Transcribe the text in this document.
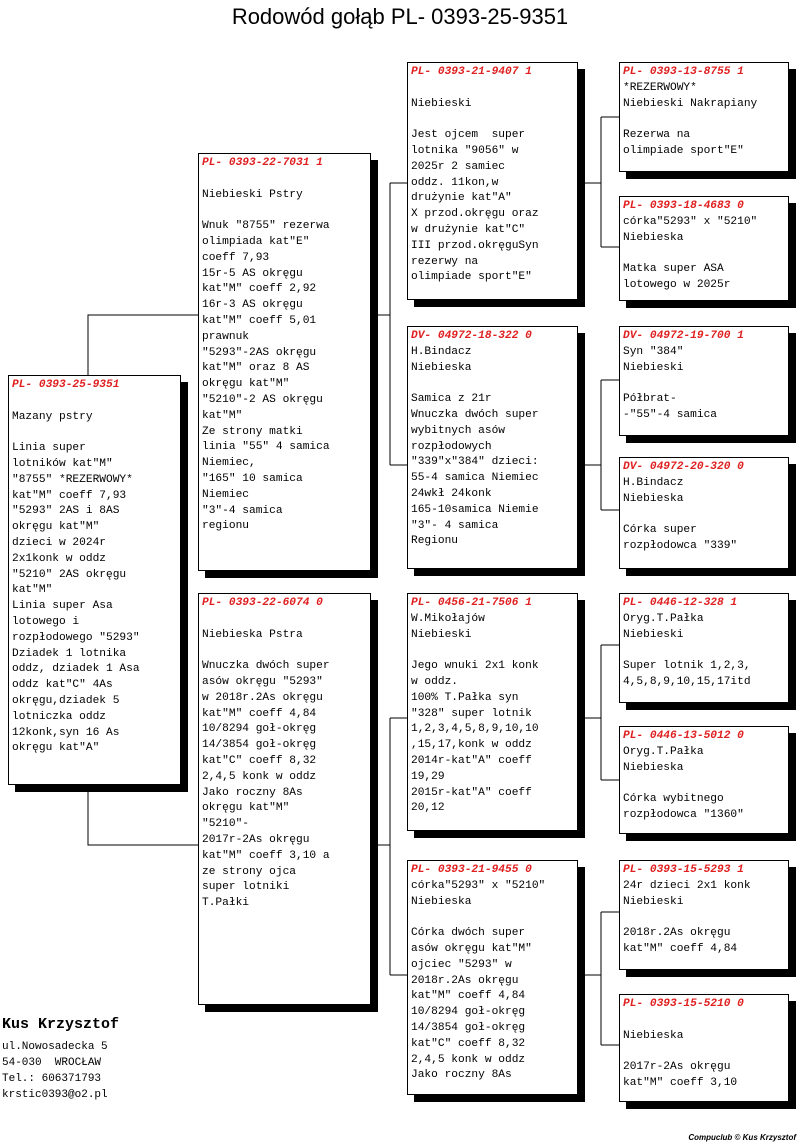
Rodowód gołąb PL- 0393-25-9351
PL- 0393-25-9351

Mazany pstry

Linia super
lotników kat"M"
"8755" *REZERWOWY*
kat"M" coeff 7,93
"5293" 2AS i 8AS
okręgu kat"M"
dzieci w 2024r
2x1konk w oddz
"5210" 2AS okręgu
kat"M"
Linia super Asa
lotowego i
rozpłodowego "5293"
Dziadek 1 lotnika
oddz, dziadek 1 Asa
oddz kat"C" 4As
okręgu,dziadek 5
lotniczka oddz
12konk,syn 16 As
okręgu kat"A"
PL- 0393-22-7031 1

Niebieski Pstry

Wnuk "8755" rezerwa
olimpiada kat"E"
coeff 7,93
15r-5 AS okręgu
kat"M" coeff 2,92
16r-3 AS okręgu
kat"M" coeff 5,01
prawnuk
"5293"-2AS okręgu
kat"M" oraz 8 AS
okręgu kat"M"
"5210"-2 AS okręgu
kat"M"
Ze strony matki
linia "55" 4 samica
Niemiec,
"165" 10 samica
Niemiec
"3"-4 samica
regionu
PL- 0393-22-6074 0

Niebieska Pstra

Wnuczka dwóch super
asów okręgu "5293"
w 2018r.2As okręgu
kat"M" coeff 4,84
10/8294 goł-okręg
14/3854 goł-okręg
kat"C" coeff 8,32
2,4,5 konk w oddz
Jako roczny 8As
okręgu kat"M"
"5210"-
2017r-2As okręgu
kat"M" coeff 3,10 a
ze strony ojca
super lotniki
T.Pałki
PL- 0393-21-9407 1

Niebieski

Jest ojcem  super
lotnika "9056" w
2025r 2 samiec
oddz. 11kon,w
drużynie kat"A"
X przod.okręgu oraz
w drużynie kat"C"
III przod.okręguSyn
rezerwy na
olimpiade sport"E"
DV- 04972-18-322 0
H.Bindacz
Niebieska

Samica z 21r
Wnuczka dwóch super
wybitnych asów
rozpłodowych
"339"x"384" dzieci:
55-4 samica Niemiec
24wkł 24konk
165-10samica Niemie
"3"- 4 samica
Regionu
PL- 0456-21-7506 1
W.Mikołajów
Niebieski

Jego wnuki 2x1 konk
w oddz.
100% T.Pałka syn
"328" super lotnik
1,2,3,4,5,8,9,10,10
,15,17,konk w oddz
2014r-kat"A" coeff
19,29
2015r-kat"A" coeff
20,12
PL- 0393-21-9455 0
córka"5293" x "5210"
Niebieska

Córka dwóch super
asów okręgu kat"M"
ojciec "5293" w
2018r.2As okręgu
kat"M" coeff 4,84
10/8294 goł-okręg
14/3854 goł-okręg
kat"C" coeff 8,32
2,4,5 konk w oddz
Jako roczny 8As
PL- 0393-13-8755 1
*REZERWOWY*
Niebieski Nakrapiany

Rezerwa na
olimpiade sport"E"
PL- 0393-18-4683 0
córka"5293" x "5210"
Niebieska

Matka super ASA
lotowego w 2025r
DV- 04972-19-700 1
Syn "384"
Niebieski

Półbrat-
-"55"-4 samica
DV- 04972-20-320 0
H.Bindacz
Niebieska

Córka super
rozpłodowca "339"
PL- 0446-12-328 1
Oryg.T.Pałka
Niebieski

Super lotnik 1,2,3,
4,5,8,9,10,15,17itd
PL- 0446-13-5012 0
Oryg.T.Pałka
Niebieska

Córka wybitnego
rozpłodowca "1360"
PL- 0393-15-5293 1
24r dzieci 2x1 konk
Niebieski

2018r.2As okręgu
kat"M" coeff 4,84
PL- 0393-15-5210 0

Niebieska

2017r-2As okręgu
kat"M" coeff 3,10
Kus Krzysztof
ul.Nowosadecka 5
54-030  WROCŁAW
Tel.: 606371793
krstic0393@o2.pl
Compuclub © Kus Krzysztof
